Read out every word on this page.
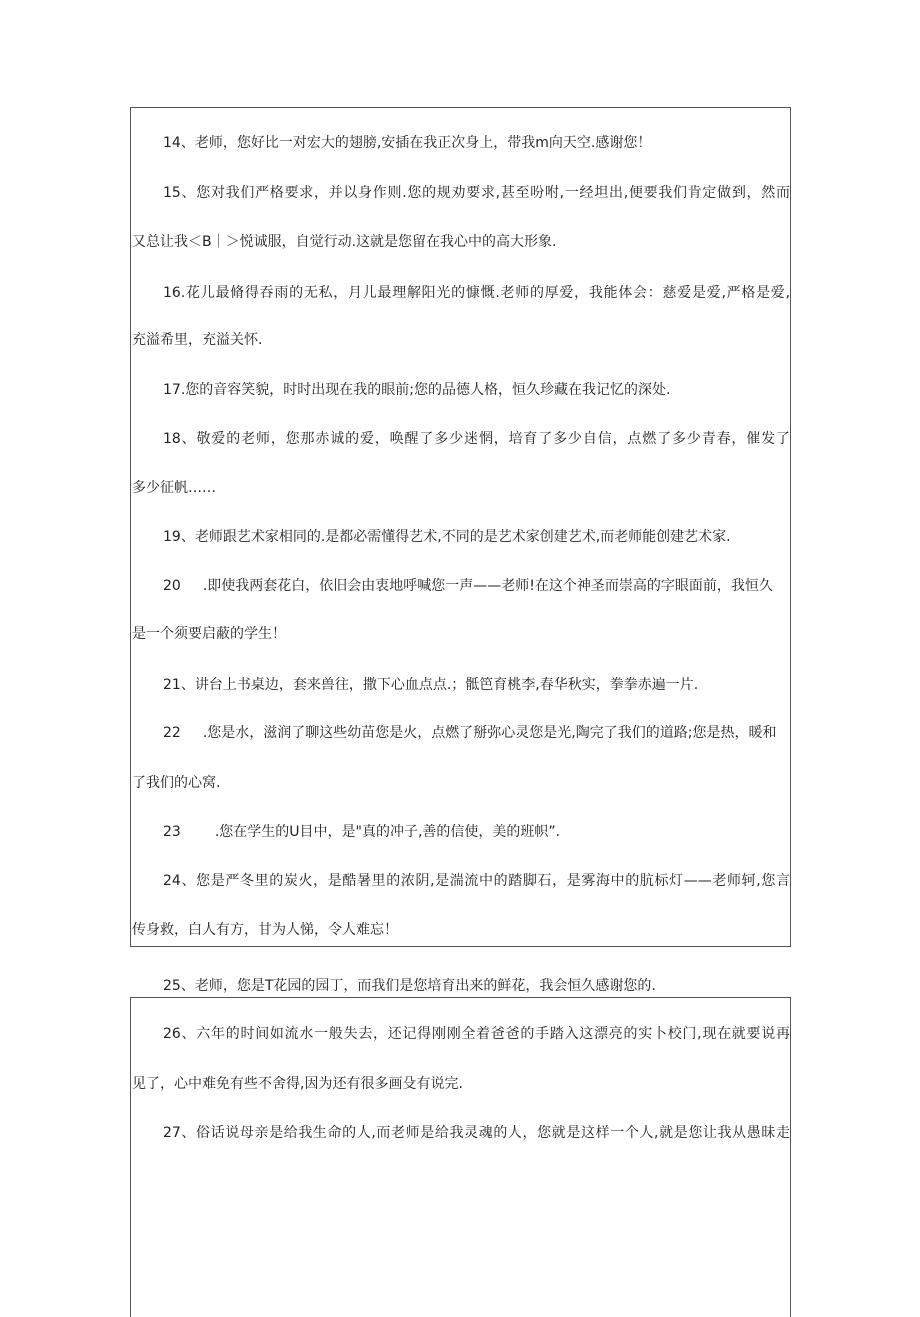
14、老师，您好比一对宏大的翅膀,安插在我正次身上，带我m向天空.感谢您！
15、您对我们严格要求，并以身作则.您的规劝要求,甚至吩咐,一经坦出,便要我们肯定做到，然而
又总让我＜B｜＞悦诚服，自觉行动.这就是您留在我心中的高大形象.
16.花儿最脩得吞雨的无私，月儿最理解阳光的慷慨.老师的厚爱，我能体会：慈爱是爱,严格是爱,
充溢希里，充溢关怀.
17.您的音容笑貌，时时出现在我的眼前;您的品德人格，恒久珍藏在我记忆的深处.
18、敬爱的老师，您那赤诚的爱，唤醒了多少迷惘，培育了多少自信，点燃了多少青春，催发了
多少征帆……
19、老师跟艺术家相同的.是都必需懂得艺术,不同的是艺术家创建艺术,而老师能创建艺术家.
20 .即使我两套花白，依旧会由衷地呼喊您一声——老师!在这个神圣而崇高的字眼面前，我恒久
是一个须要启蔽的学生！
21、讲台上书桌边，套来兽往，撒下心血点点.；骶笆育桃李,春华秋实，拳拳赤遍一片.
22 .您是水，滋润了聊这些幼苗您是火，点燃了掰弥心灵您是光,陶完了我们的道路;您是热，暖和
了我们的心窝.
23 .您在学生的U目中，是"真的冲子,善的信使，美的班帜”.
24、您是严冬里的炭火，是酷暑里的浓阴,是湍流中的踏脚石，是雾海中的肮标灯——老师轲,您言
传身救，白人有方，甘为人悌，令人难忘！
25、老师，您是T花园的园丁，而我们是您培育出来的鲜花，我会恒久感谢您的.
26、六年的时间如流水一般失去，还记得刚刚全着爸爸的手踏入这漂亮的实卜校门,现在就要说再
见了，心中难免有些不舍得,因为还有很多画殳有说完.
27、俗话说母亲是给我生命的人,而老师是给我灵魂的人，您就是这样一个人,就是您让我从愚昧走
